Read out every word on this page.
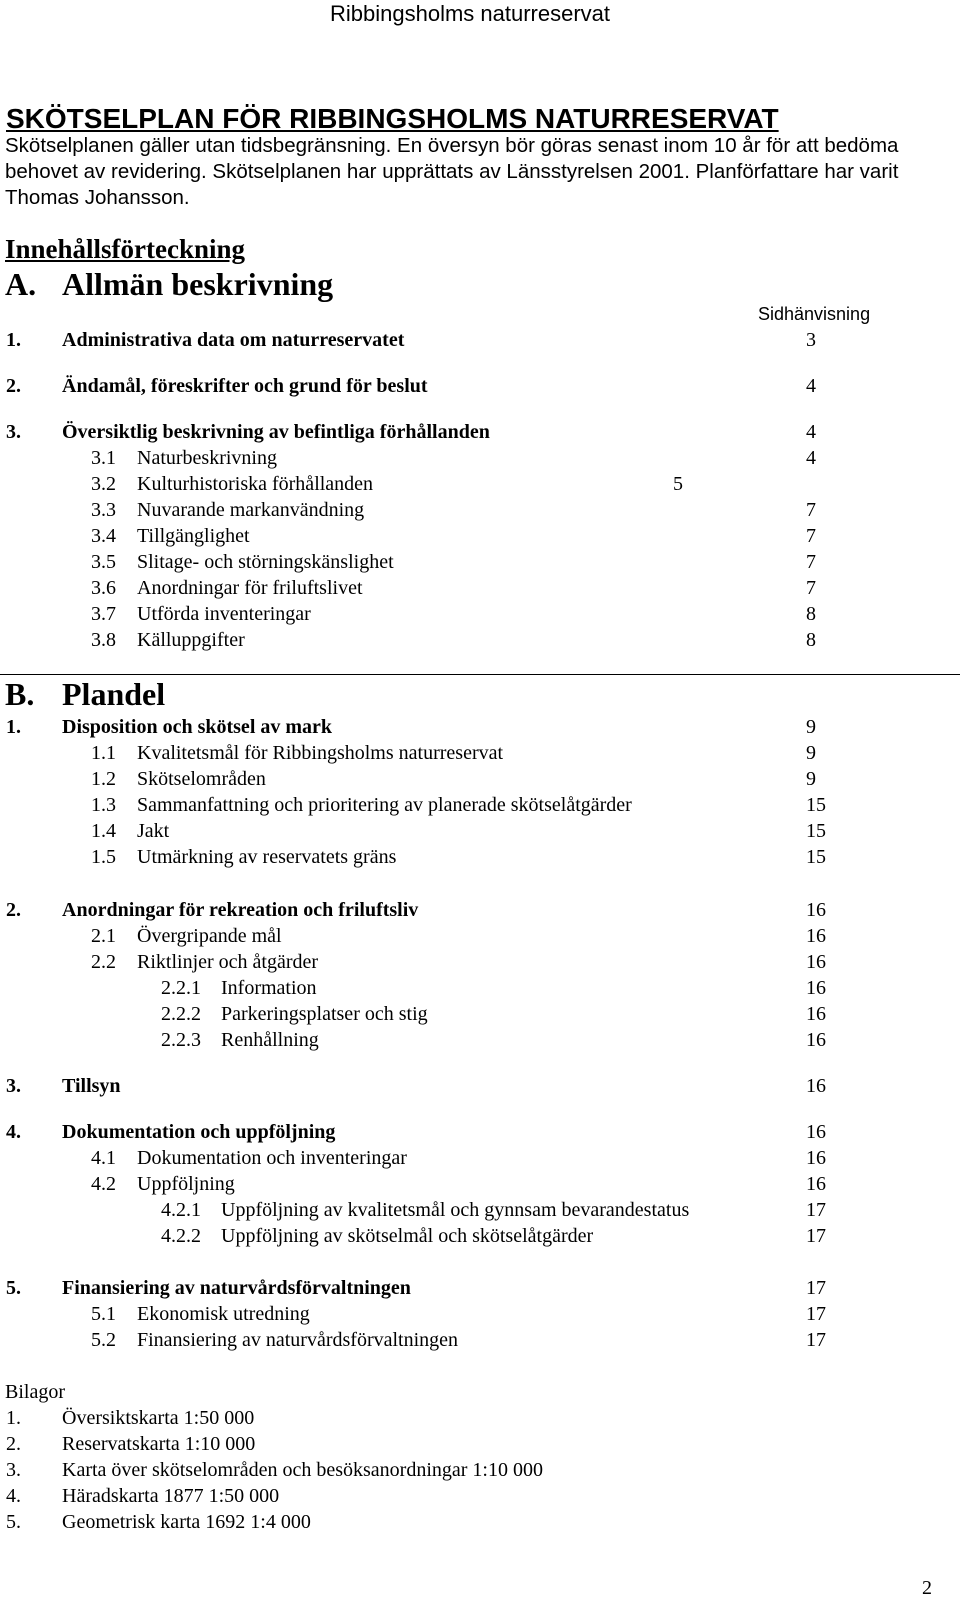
Ribbingsholms naturreservat
SKÖTSELPLAN FÖR RIBBINGSHOLMS NATURRESERVAT
Skötselplanen gäller utan tidsbegränsning. En översyn bör göras senast inom 10 år för att bedöma
behovet av revidering. Skötselplanen har upprättats av Länsstyrelsen 2001. Planförfattare har varit
Thomas Johansson.
Innehållsförteckning
A. Allmän beskrivning
Sidhänvisning
1. Administrativa data om naturreservatet	3
2. Ändamål, föreskrifter och grund för beslut	4
3. Översiktlig beskrivning av befintliga förhållanden	4
3.1 Naturbeskrivning	4
3.2 Kulturhistoriska förhållanden	5
3.3 Nuvarande markanvändning	7
3.4 Tillgänglighet	7
3.5 Slitage- och störningskänslighet	7
3.6 Anordningar för friluftslivet	7
3.7 Utförda inventeringar	8
3.8 Källuppgifter	8
B. Plandel
1. Disposition och skötsel av mark	9
1.1 Kvalitetsmål för Ribbingsholms naturreservat	9
1.2 Skötselområden	9
1.3 Sammanfattning och prioritering av planerade skötselåtgärder	15
1.4 Jakt	15
1.5 Utmärkning av reservatets gräns	15
2. Anordningar för rekreation och friluftsliv	16
2.1 Övergripande mål	16
2.2 Riktlinjer och åtgärder	16
2.2.1 Information	16
2.2.2 Parkeringsplatser och stig	16
2.2.3 Renhållning	16
3. Tillsyn	16
4. Dokumentation och uppföljning	16
4.1 Dokumentation och inventeringar	16
4.2 Uppföljning	16
4.2.1 Uppföljning av kvalitetsmål och gynnsam bevarandestatus	17
4.2.2 Uppföljning av skötselmål och skötselåtgärder	17
5. Finansiering av naturvårdsförvaltningen	17
5.1 Ekonomisk utredning	17
5.2 Finansiering av naturvårdsförvaltningen	17
Bilagor
1. Översiktskarta 1:50 000
2. Reservatskarta 1:10 000
3. Karta över skötselområden och besöksanordningar 1:10 000
4. Häradskarta 1877 1:50 000
5. Geometrisk karta 1692 1:4 000
2
